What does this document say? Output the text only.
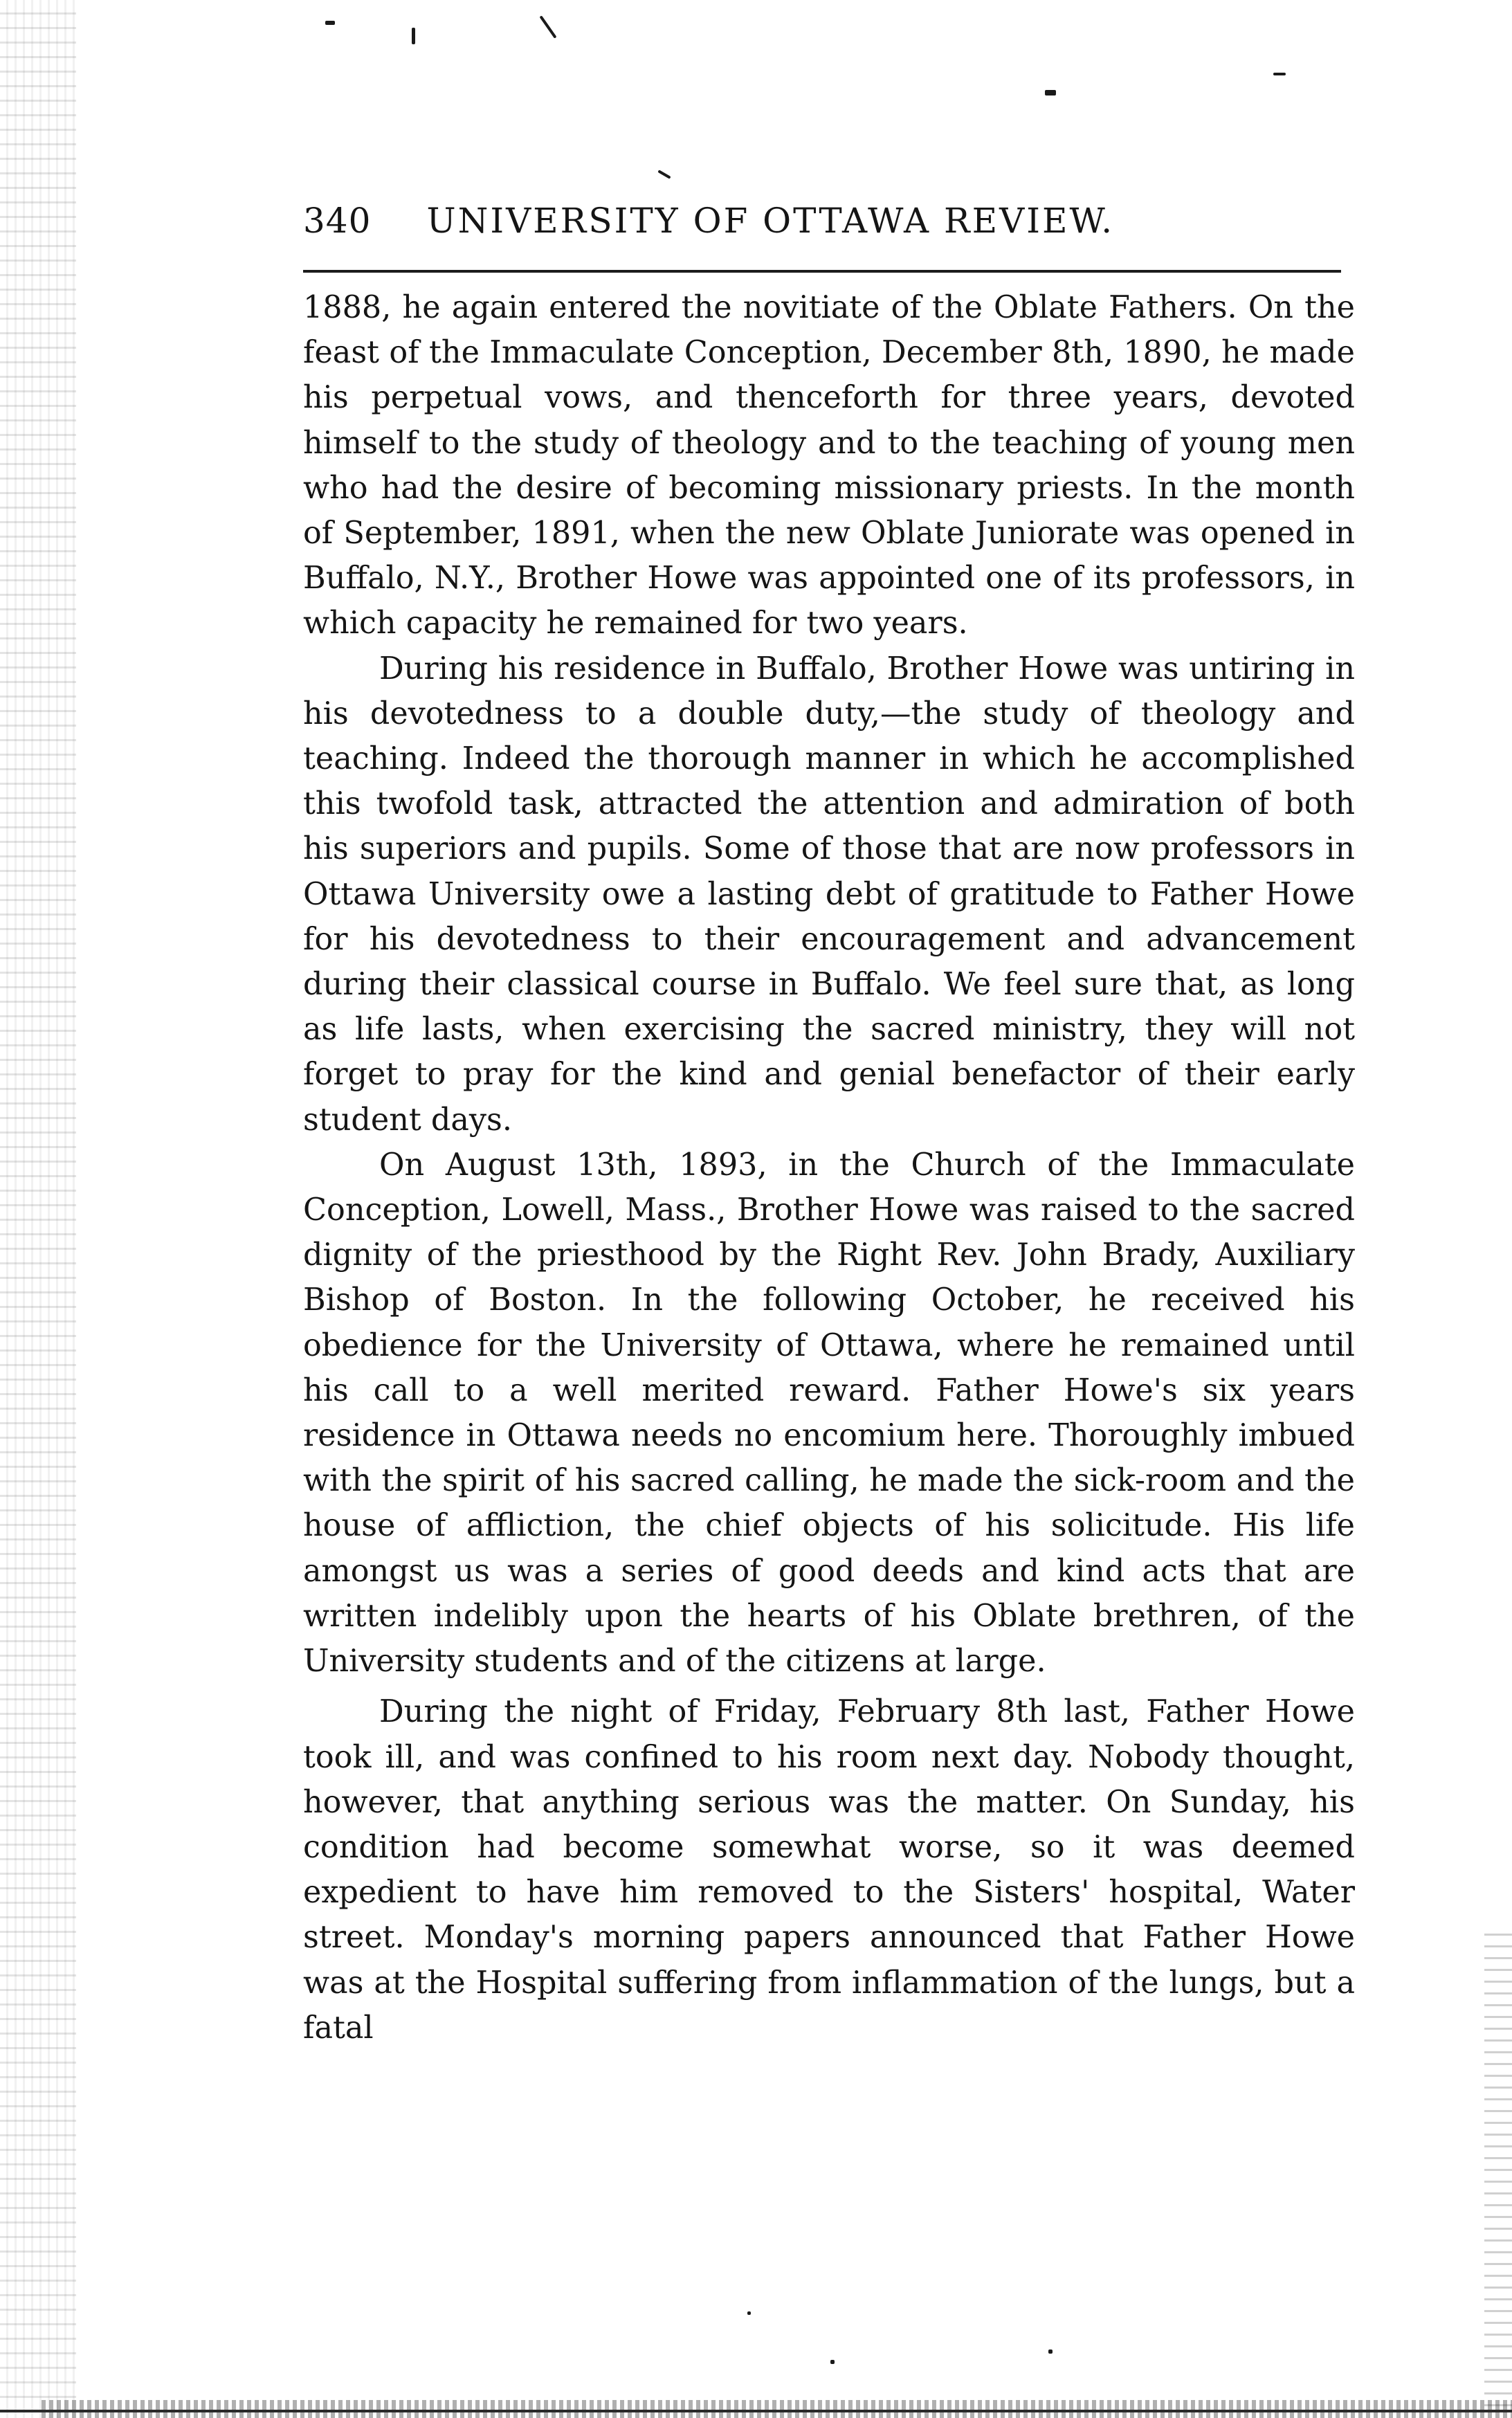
340 UNIVERSITY OF OTTAWA REVIEW.

1888, he again entered the novitiate of the Oblate Fathers. On the feast of the Immaculate Conception, December 8th, 1890, he made his perpetual vows, and thenceforth for three years, devoted himself to the study of theology and to the teaching of young men who had the desire of becoming missionary priests. In the month of September, 1891, when the new Oblate Juniorate was opened in Buffalo, N.Y., Brother Howe was appointed one of its professors, in which capacity he remained for two years.

During his residence in Buffalo, Brother Howe was untiring in his devotedness to a double duty,—the study of theology and teaching. Indeed the thorough manner in which he accomplished this twofold task, attracted the attention and admiration of both his superiors and pupils. Some of those that are now professors in Ottawa University owe a lasting debt of gratitude to Father Howe for his devotedness to their encouragement and advancement during their classical course in Buffalo. We feel sure that, as long as life lasts, when exercising the sacred ministry, they will not forget to pray for the kind and genial benefactor of their early student days.

On August 13th, 1893, in the Church of the Immaculate Conception, Lowell, Mass., Brother Howe was raised to the sacred dignity of the priesthood by the Right Rev. John Brady, Auxiliary Bishop of Boston. In the following October, he received his obedience for the University of Ottawa, where he remained until his call to a well merited reward. Father Howe's six years residence in Ottawa needs no encomium here. Thoroughly imbued with the spirit of his sacred calling, he made the sick-room and the house of affliction, the chief objects of his solicitude. His life amongst us was a series of good deeds and kind acts that are written indelibly upon the hearts of his Oblate brethren, of the University students and of the citizens at large.

During the night of Friday, February 8th last, Father Howe took ill, and was confined to his room next day. Nobody thought, however, that anything serious was the matter. On Sunday, his condition had become somewhat worse, so it was deemed expedient to have him removed to the Sisters' hospital, Water street. Monday's morning papers announced that Father Howe was at the Hospital suffering from inflammation of the lungs, but a fatal
